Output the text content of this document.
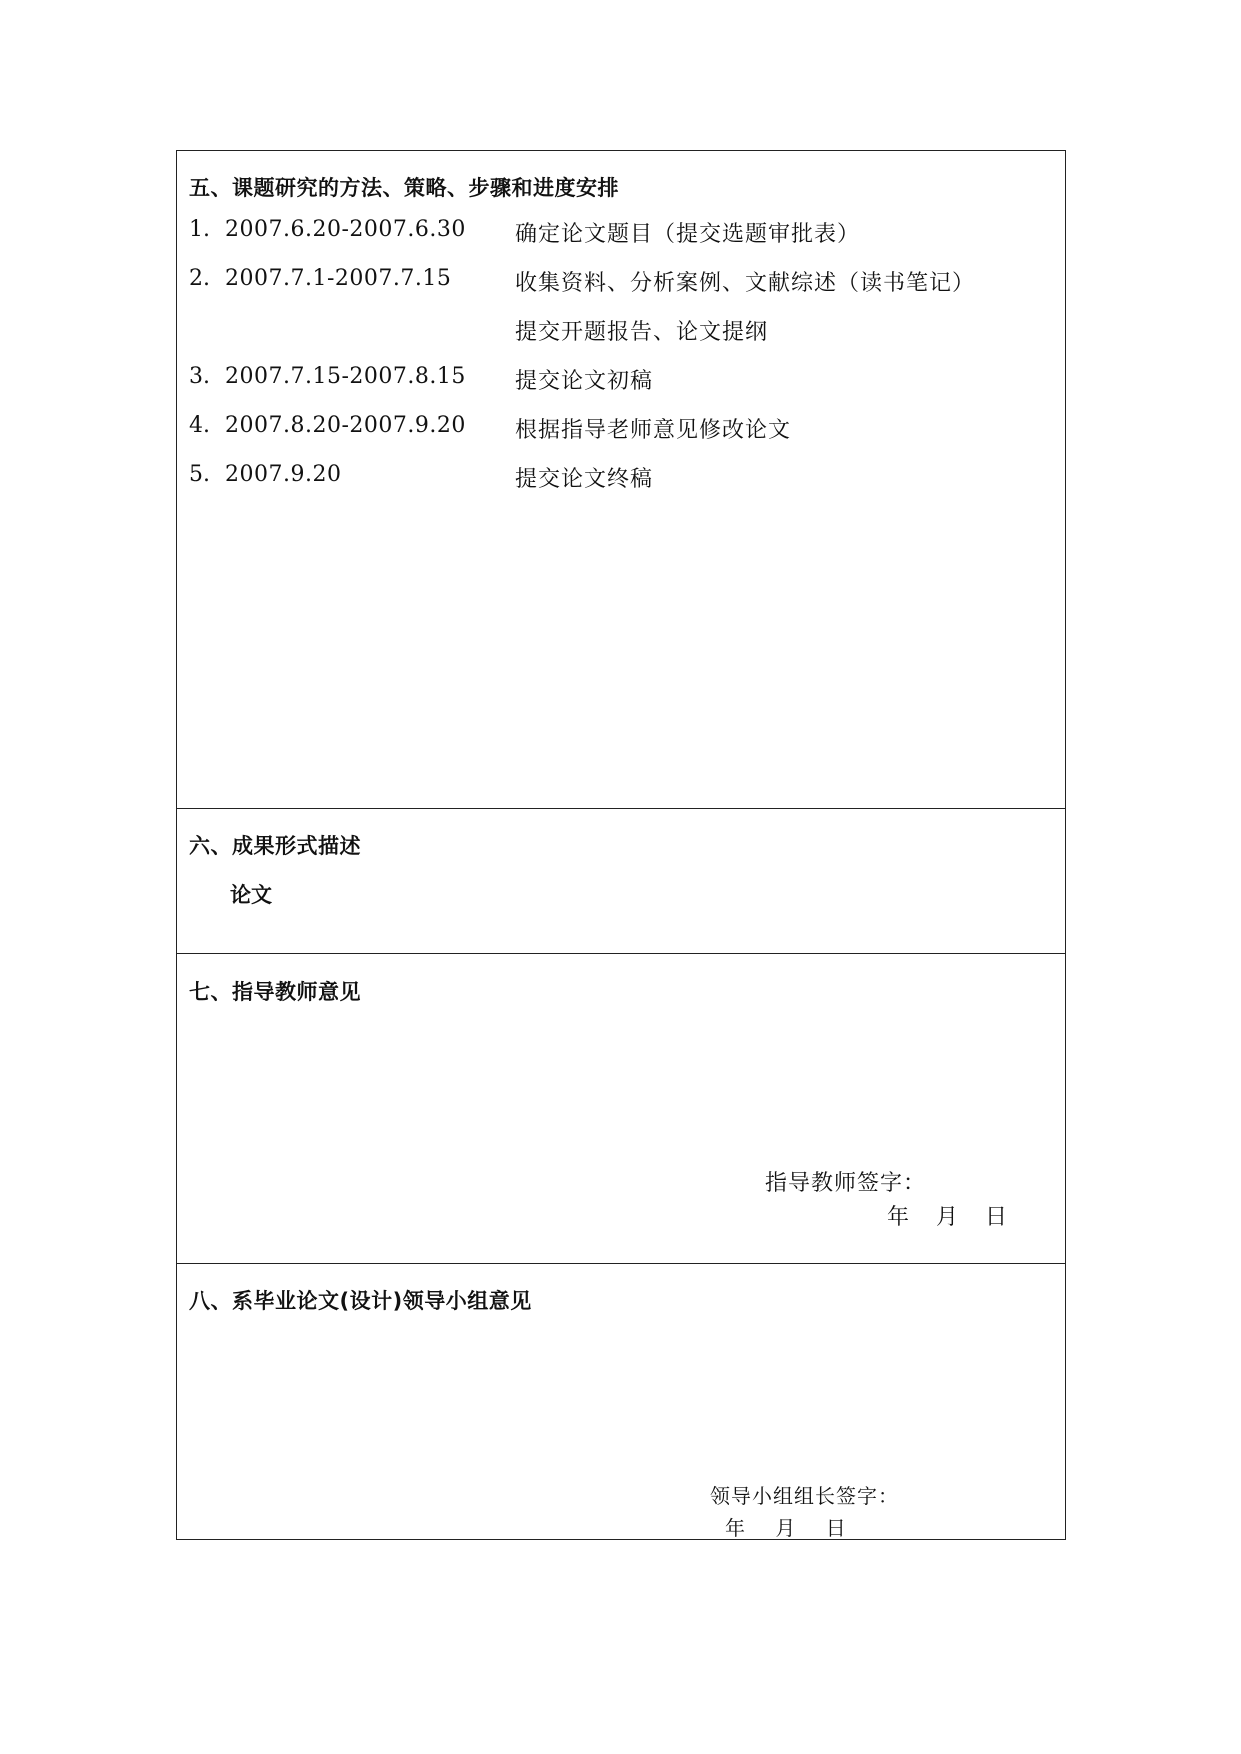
五、课题研究的方法、策略、步骤和进度安排
1. 2007.6.20-2007.6.30 确定论文题目（提交选题审批表）
2. 2007.7.1-2007.7.15	收集资料、分析案例、文献综述（读书笔记）
提交开题报告、论文提纲
3. 2007.7.15-2007.8.15 提交论文初稿
4. 2007.8.20-2007.9.20 根据指导老师意见修改论文
5. 2007.9.20	提交论文终稿
六、成果形式描述
论文
七、指导教师意见
指导教师签字：
年 月 日
八、系毕业论文(设计)领导小组意见
领导小组组长签字：
年 月 日
